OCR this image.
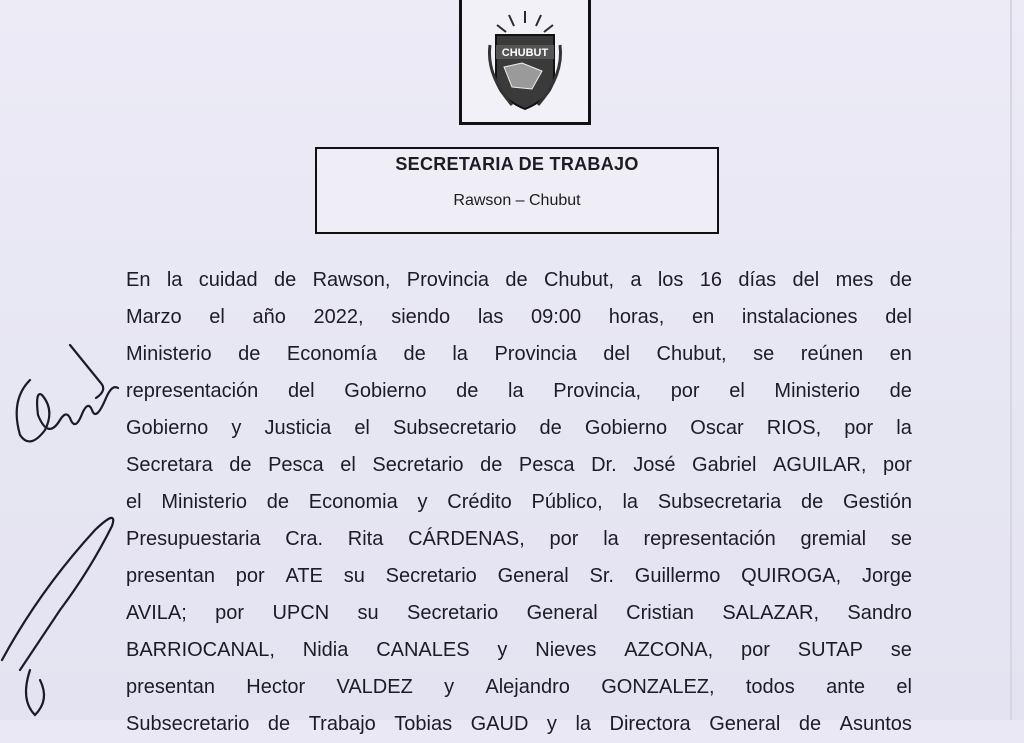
CHUBUT
SECRETARIA DE TRABAJO
Rawson – Chubut
En la cuidad de Rawson, Provincia de Chubut, a los 16 días del mes de
Marzo el año 2022, siendo las 09:00 horas, en instalaciones del
Ministerio de Economía de la Provincia del Chubut, se reúnen en
representación del Gobierno de la Provincia, por el Ministerio de
Gobierno y Justicia el Subsecretario de Gobierno Oscar RIOS, por la
Secretara de Pesca el Secretario de Pesca Dr. José Gabriel AGUILAR, por
el Ministerio de Economia y Crédito Público, la Subsecretaria de Gestión
Presupuestaria Cra. Rita CÁRDENAS, por la representación gremial se
presentan por ATE su Secretario General Sr. Guillermo QUIROGA, Jorge
AVILA; por UPCN su Secretario General Cristian SALAZAR, Sandro
BARRIOCANAL, Nidia CANALES y Nieves AZCONA, por SUTAP se
presentan Hector VALDEZ y Alejandro GONZALEZ, todos ante el
Subsecretario de Trabajo Tobias GAUD y la Directora General de Asuntos
